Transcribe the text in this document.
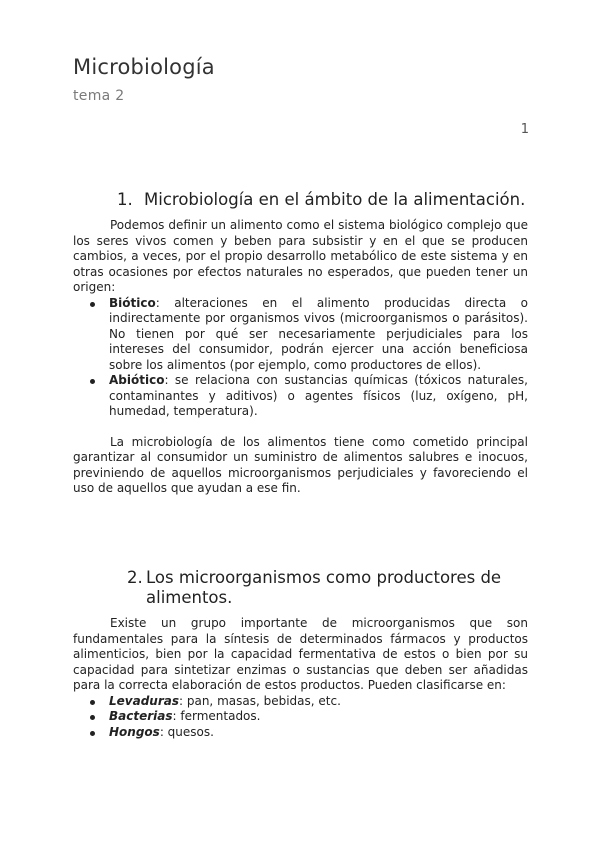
Microbiología
tema 2
1
1. Microbiología en el ámbito de la alimentación.

Podemos definir un alimento como el sistema biológico complejo que los seres vivos comen y beben para subsistir y en el que se producen cambios, a veces, por el propio desarrollo metabólico de este sistema y en otras ocasiones por efectos naturales no esperados, que pueden tener un origen:

Biótico: alteraciones en el alimento producidas directa o indirectamente por organismos vivos (microorganismos o parásitos). No tienen por qué ser necesariamente perjudiciales para los intereses del consumidor, podrán ejercer una acción beneficiosa sobre los alimentos (por ejemplo, como productores de ellos).
Abiótico: se relaciona con sustancias químicas (tóxicos naturales, contaminantes y aditivos) o agentes físicos (luz, oxígeno, pH, humedad, temperatura).

La microbiología de los alimentos tiene como cometido principal garantizar al consumidor un suministro de alimentos salubres e inocuos, previniendo de aquellos microorganismos perjudiciales y favoreciendo el uso de aquellos que ayudan a ese fin.

2. Los microorganismos como productores de alimentos.

Existe un grupo importante de microorganismos que son fundamentales para la síntesis de determinados fármacos y productos alimenticios, bien por la capacidad fermentativa de estos o bien por su capacidad para sintetizar enzimas o sustancias que deben ser añadidas para la correcta elaboración de estos productos. Pueden clasificarse en:

Levaduras: pan, masas, bebidas, etc.
Bacterias: fermentados.
Hongos: quesos.
